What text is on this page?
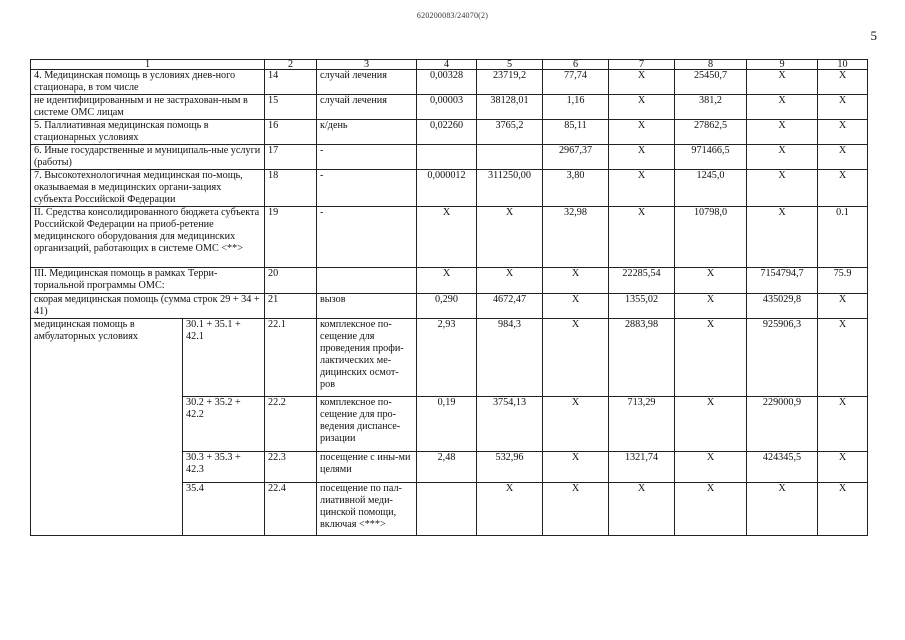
620200083/24070(2)
5
1		2	3	4	5	6	7	8	9	10
4. Медицинская помощь в условиях днев-ного стационара, в том числе		14	случай лечения	0,00328	23719,2	77,74	Х	25450,7	Х	Х
не идентифицированным и не застрахован-ным в системе ОМС лицам		15	случай лечения	0,00003	38128,01	1,16	Х	381,2	Х	Х
5. Паллиативная медицинская помощь в стационарных условиях		16	к/день	0,02260	3765,2	85,11	Х	27862,5	Х	Х
6. Иные государственные и муниципаль-ные услуги (работы)		17	-			2967,37	Х	971466,5	Х	Х
7. Высокотехнологичная медицинская по-мощь, оказываемая в медицинских органи-зациях субъекта Российской Федерации		18	-	0,000012	311250,00	3,80	Х	1245,0	Х	Х
II. Средства консолидированного бюджета субъекта Российской Федерации на приоб-ретение медицинского оборудования для медицинских организаций, работающих в системе ОМС <**>		19	-	Х	Х	32,98	Х	10798,0	Х	0.1
III. Медицинская помощь в рамках Терри-ториальной программы ОМС:		20		Х	Х	Х	22285,54	Х	7154794,7	75.9
скорая медицинская помощь (сумма строк 29 + 34 + 41)		21	вызов	0,290	4672,47	Х	1355,02	Х	435029,8	Х
медицинская помощь в амбулаторных условиях	30.1 + 35.1 + 42.1	22.1	комплексное по-сещение для проведения профи-лактических ме-дицинских осмот-ров	2,93	984,3	Х	2883,98	Х	925906,3	Х
	30.2 + 35.2 + 42.2	22.2	комплексное по-сещение для про-ведения диспансе-ризации	0,19	3754,13	Х	713,29	Х	229000,9	Х
	30.3 + 35.3 + 42.3	22.3	посещение с ины-ми целями	2,48	532,96	Х	1321,74	Х	424345,5	Х
	35.4	22.4	посещение по пал-лиативной меди-цинской помощи, включая <***>		Х	Х	Х	Х	Х	Х
